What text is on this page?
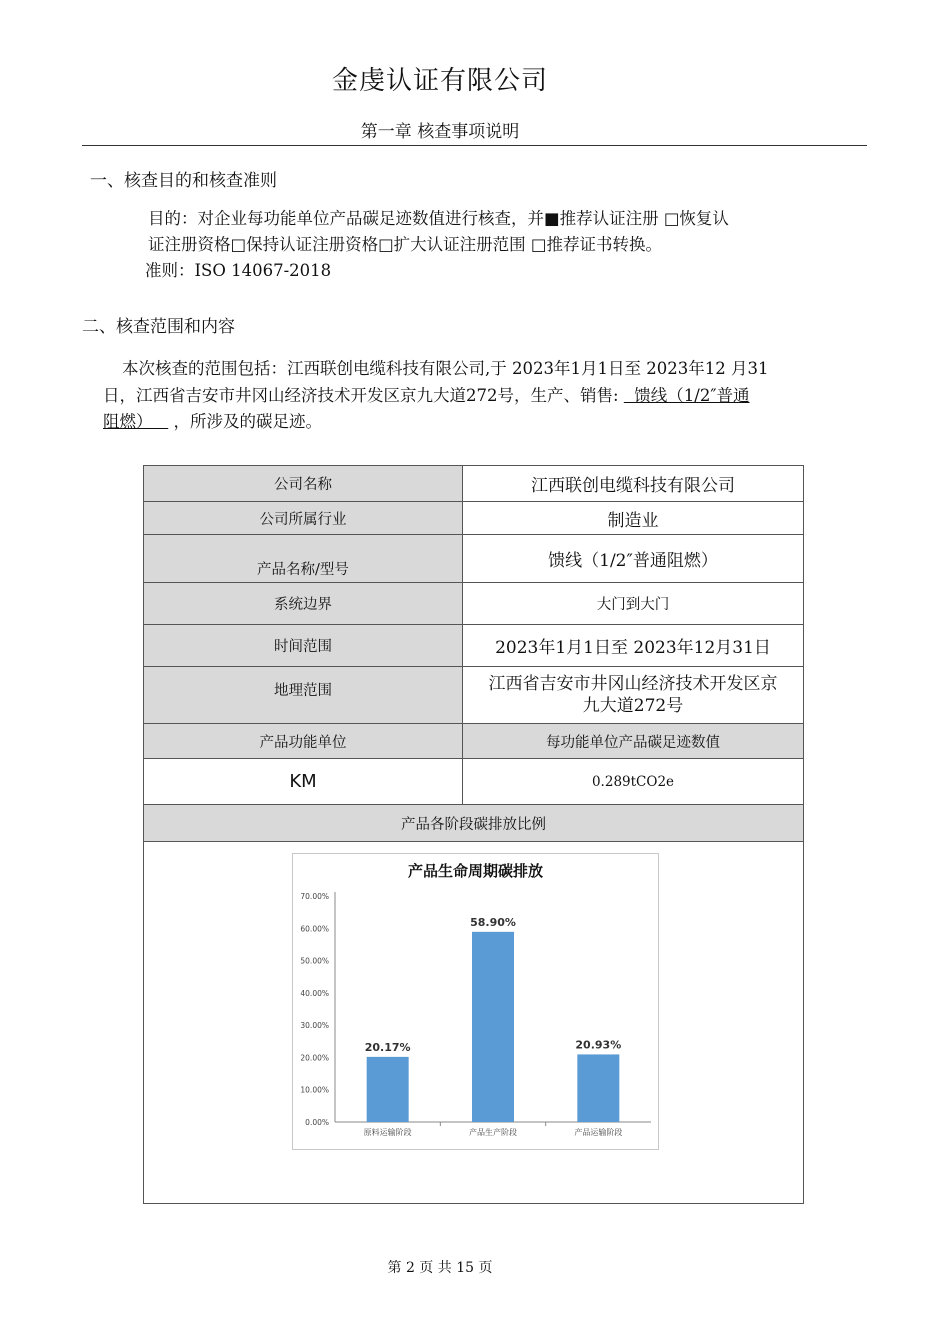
金虔认证有限公司
第一章 核查事项说明
一、核查目的和核查准则
目的：对企业每功能单位产品碳足迹数值进行核查，并■推荐认证注册 □恢复认
证注册资格□保持认证注册资格□扩大认证注册范围 □推荐证书转换。
准则：ISO 14067-2018
二、核查范围和内容
本次核查的范围包括：江西联创电缆科技有限公司,于 2023年1月1日至 2023年12 月31
日，江西省吉安市井冈山经济技术开发区京九大道272号，生产、销售:   馈线（1/2″普通
阻燃）    ，所涉及的碳足迹。
公司名称	江西联创电缆科技有限公司
公司所属行业	制造业
产品名称/型号	馈线（1/2″普通阻燃）
系统边界	大门到大门
时间范围	2023年1月1日至 2023年12月31日
地理范围	江西省吉安市井冈山经济技术开发区京
九大道272号

产品功能单位	每功能单位产品碳足迹数值
KM	0.289tCO2e
产品各阶段碳排放比例	

产品生命周期碳排放
0.00%
10.00%
20.00%
30.00%
40.00%
50.00%
60.00%
70.00%
20.17%
原料运输阶段
58.90%
产品生产阶段
20.93%
产品运输阶段
第 2 页 共 15 页
